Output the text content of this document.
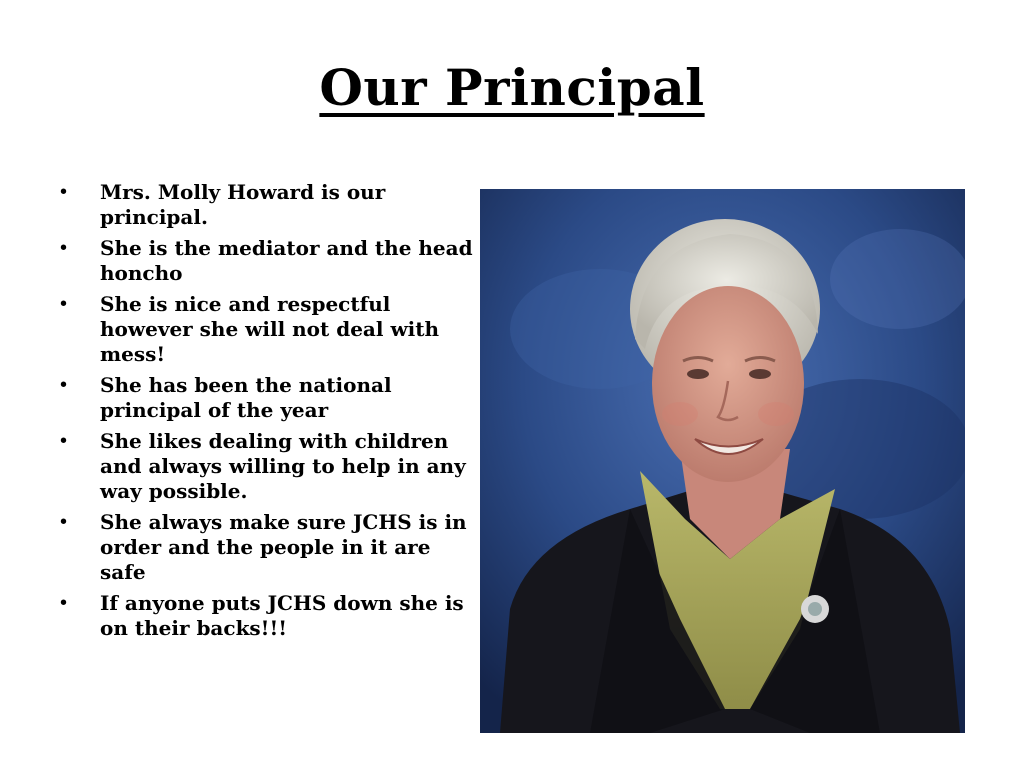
Our Principal
• Mrs. Molly Howard is our principal.
• She is the mediator and the head honcho
• She is nice and respectful however she will not deal with mess!
• She has been the national principal of the year
• She likes dealing with children and always willing to help in any way possible.
• She always make sure JCHS is in order and the people in it are safe
• If anyone puts JCHS down she is on their backs!!!
